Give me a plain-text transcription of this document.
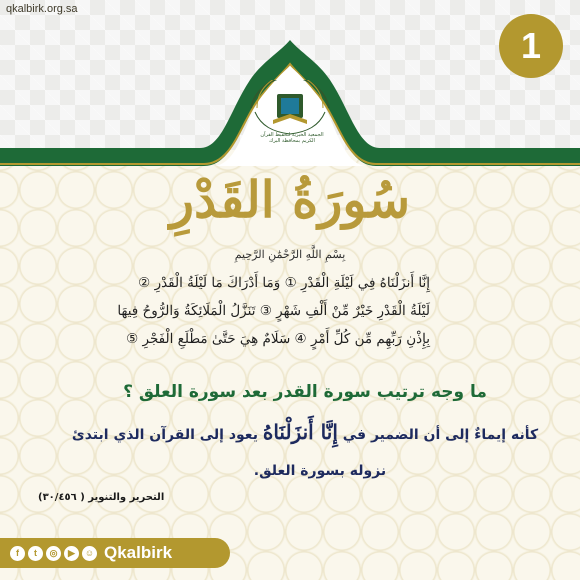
qkalbirk.org.sa
1
الجمعية الخيرية لتحفيظ القرآن الكريم بمحافظة البرك
سُورَةُ القَدْرِ
بِسْمِ اللَّهِ الرَّحْمَٰنِ الرَّحِيمِ
إِنَّا أَنزَلْنَاهُ فِي لَيْلَةِ الْقَدْرِ ① وَمَا أَدْرَاكَ مَا لَيْلَةُ الْقَدْرِ ②
لَيْلَةُ الْقَدْرِ خَيْرٌ مِّنْ أَلْفِ شَهْرٍ ③ تَنَزَّلُ الْمَلَائِكَةُ وَالرُّوحُ فِيهَا
بِإِذْنِ رَبِّهِم مِّن كُلِّ أَمْرٍ ④ سَلَامٌ هِيَ حَتَّىٰ مَطْلَعِ الْفَجْرِ ⑤
ما وجه ترتيب سورة القدر بعد سورة العلق ؟
كأنه إيماءٌ إلى أن الضمير في إِنَّا أَنزَلْنَاهُ يعود إلى القرآن الذي ابتدئ
نزوله بسورة العلق.
التحرير والتنوير ( ٣٠/٤٥٦)
f	t	◎	▶	☺ Qkalbirk
